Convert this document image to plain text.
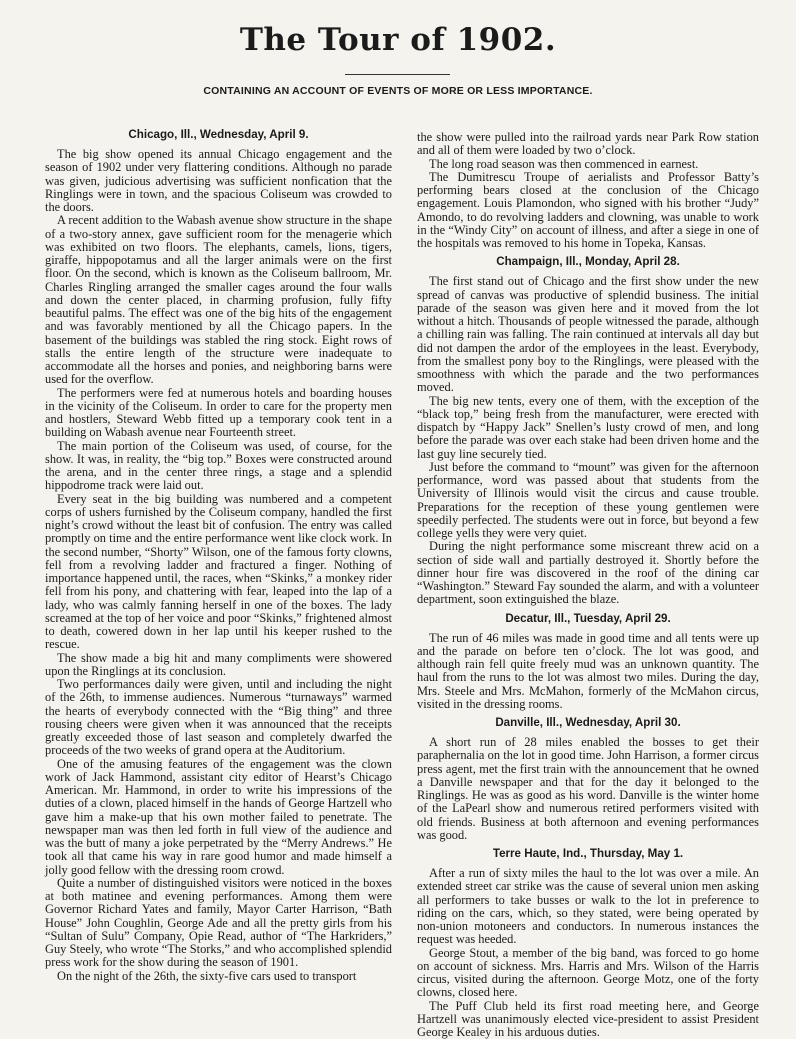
The Tour of 1902.
CONTAINING AN ACCOUNT OF EVENTS OF MORE OR LESS IMPORTANCE.
Chicago, Ill., Wednesday, April 9.

The big show opened its annual Chicago engagement and the season of 1902 under very flattering conditions. Although no parade was given, judicious advertising was sufficient nonfication that the Ringlings were in town, and the spacious Coliseum was crowded to the doors.

A recent addition to the Wabash avenue show structure in the shape of a two-story annex, gave sufficient room for the menagerie which was exhibited on two floors. The elephants, camels, lions, tigers, giraffe, hippopotamus and all the larger animals were on the first floor. On the second, which is known as the Coliseum ballroom, Mr. Charles Ringling arranged the smaller cages around the four walls and down the center placed, in charming profusion, fully fifty beautiful palms. The effect was one of the big hits of the engagement and was favorably mentioned by all the Chicago papers. In the basement of the buildings was stabled the ring stock. Eight rows of stalls the entire length of the structure were inadequate to accommodate all the horses and ponies, and neighboring barns were used for the overflow.

The performers were fed at numerous hotels and boarding houses in the vicinity of the Coliseum. In order to care for the property men and hostlers, Steward Webb fitted up a temporary cook tent in a building on Wabash avenue near Fourteenth street.

The main portion of the Coliseum was used, of course, for the show. It was, in reality, the “big top.” Boxes were constructed around the arena, and in the center three rings, a stage and a splendid hippodrome track were laid out.

Every seat in the big building was numbered and a competent corps of ushers furnished by the Coliseum company, handled the first night’s crowd without the least bit of confusion. The entry was called promptly on time and the entire performance went like clock work. In the second number, “Shorty” Wilson, one of the famous forty clowns, fell from a revolving ladder and fractured a finger. Nothing of importance happened until, the races, when “Skinks,” a monkey rider fell from his pony, and chattering with fear, leaped into the lap of a lady, who was calmly fanning herself in one of the boxes. The lady screamed at the top of her voice and poor “Skinks,” frightened almost to death, cowered down in her lap until his keeper rushed to the rescue.

The show made a big hit and many compliments were showered upon the Ringlings at its conclusion.

Two performances daily were given, until and including the night of the 26th, to immense audiences. Numerous “turnaways” warmed the hearts of everybody connected with the “Big thing” and three rousing cheers were given when it was announced that the receipts greatly exceeded those of last season and completely dwarfed the proceeds of the two weeks of grand opera at the Auditorium.

One of the amusing features of the engagement was the clown work of Jack Hammond, assistant city editor of Hearst’s Chicago American. Mr. Hammond, in order to write his impressions of the duties of a clown, placed himself in the hands of George Hartzell who gave him a make-up that his own mother failed to penetrate. The newspaper man was then led forth in full view of the audience and was the butt of many a joke perpetrated by the “Merry Andrews.” He took all that came his way in rare good humor and made himself a jolly good fellow with the dressing room crowd.

Quite a number of distinguished visitors were noticed in the boxes at both matinee and evening performances. Among them were Governor Richard Yates and family, Mayor Carter Harrison, “Bath House” John Coughlin, George Ade and all the pretty girls from his “Sultan of Sulu” Company, Opie Read, author of “The Harkriders,” Guy Steely, who wrote “The Storks,” and who accomplished splendid press work for the show during the season of 1901.

On the night of the 26th, the sixty-five cars used to transport

the show were pulled into the railroad yards near Park Row station and all of them were loaded by two o’clock.

The long road season was then commenced in earnest.

The Dumitrescu Troupe of aerialists and Professor Batty’s performing bears closed at the conclusion of the Chicago engagement. Louis Plamondon, who signed with his brother “Judy” Amondo, to do revolving ladders and clowning, was unable to work in the “Windy City” on account of illness, and after a siege in one of the hospitals was removed to his home in Topeka, Kansas.

Champaign, Ill., Monday, April 28.

The first stand out of Chicago and the first show under the new spread of canvas was productive of splendid business. The initial parade of the season was given here and it moved from the lot without a hitch. Thousands of people witnessed the parade, although a chilling rain was falling. The rain continued at intervals all day but did not dampen the ardor of the employees in the least. Everybody, from the smallest pony boy to the Ringlings, were pleased with the smoothness with which the parade and the two performances moved.

The big new tents, every one of them, with the exception of the “black top,” being fresh from the manufacturer, were erected with dispatch by “Happy Jack” Snellen’s lusty crowd of men, and long before the parade was over each stake had been driven home and the last guy line securely tied.

Just before the command to “mount” was given for the afternoon performance, word was passed about that students from the University of Illinois would visit the circus and cause trouble. Preparations for the reception of these young gentlemen were speedily perfected. The students were out in force, but beyond a few college yells they were very quiet.

During the night performance some miscreant threw acid on a section of side wall and partially destroyed it. Shortly before the dinner hour fire was discovered in the roof of the dining car “Washington.” Steward Fay sounded the alarm, and with a volunteer department, soon extinguished the blaze.

Decatur, Ill., Tuesday, April 29.

The run of 46 miles was made in good time and all tents were up and the parade on before ten o’clock. The lot was good, and although rain fell quite freely mud was an unknown quantity. The haul from the runs to the lot was almost two miles. During the day, Mrs. Steele and Mrs. McMahon, formerly of the McMahon circus, visited in the dressing rooms.

Danville, Ill., Wednesday, April 30.

A short run of 28 miles enabled the bosses to get their paraphernalia on the lot in good time. John Harrison, a former circus press agent, met the first train with the announcement that he owned a Danville newspaper and that for the day it belonged to the Ringlings. He was as good as his word. Danville is the winter home of the LaPearl show and numerous retired performers visited with old friends. Business at both afternoon and evening performances was good.

Terre Haute, Ind., Thursday, May 1.

After a run of sixty miles the haul to the lot was over a mile. An extended street car strike was the cause of several union men asking all performers to take busses or walk to the lot in preference to riding on the cars, which, so they stated, were being operated by non-union motoneers and conductors. In numerous instances the request was heeded.

George Stout, a member of the big band, was forced to go home on account of sickness. Mrs. Harris and Mrs. Wilson of the Harris circus, visited during the afternoon. George Motz, one of the forty clowns, closed here.

The Puff Club held its first road meeting here, and George Hartzell was unanimously elected vice-president to assist President George Kealey in his arduous duties.
